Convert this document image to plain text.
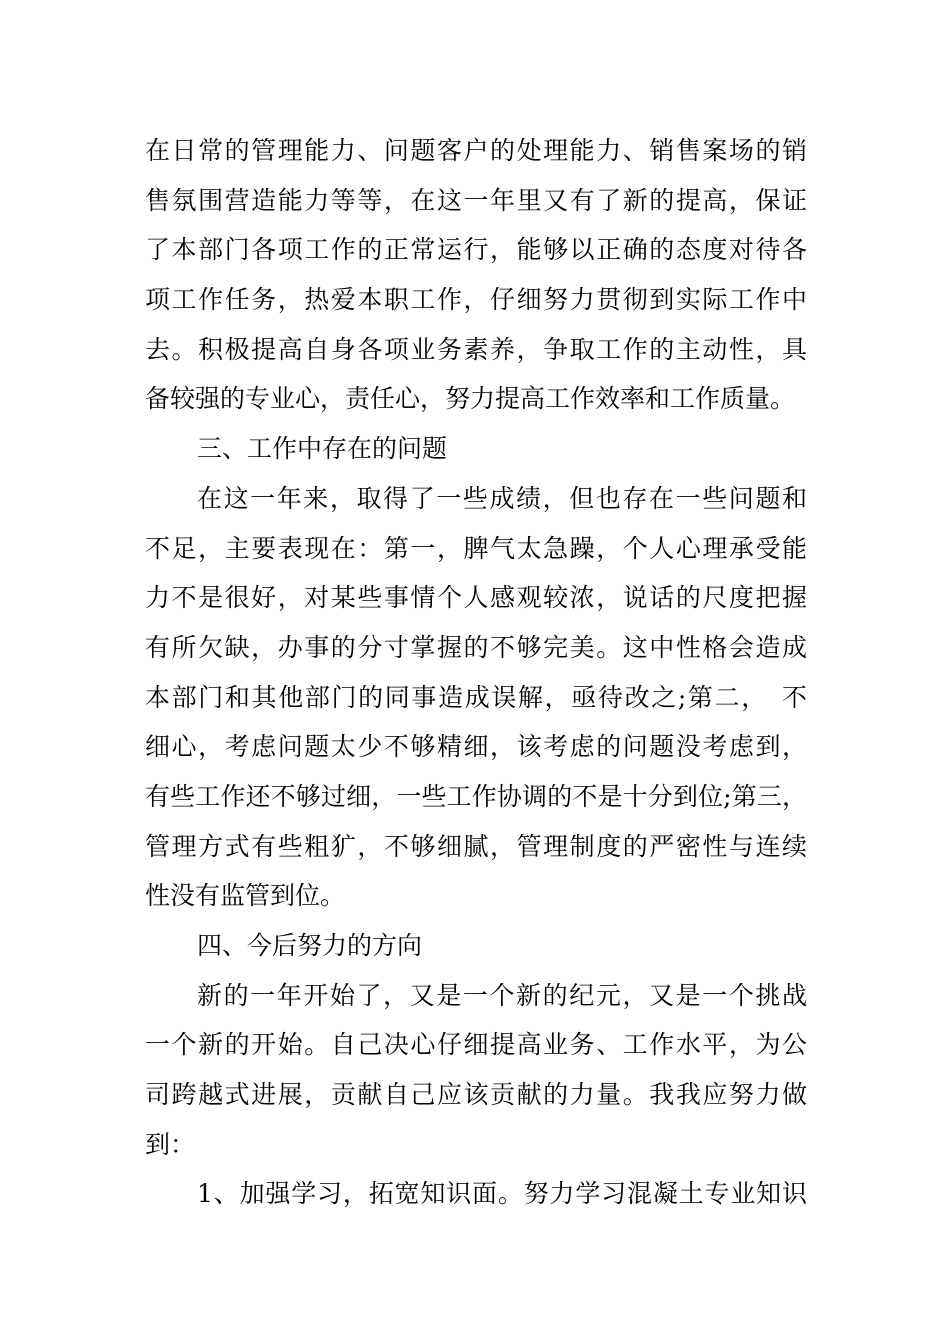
在日常的管理能力、问题客户的处理能力、销售案场的销
售氛围营造能力等等，在这一年里又有了新的提高，保证
了本部门各项工作的正常运行，能够以正确的态度对待各
项工作任务，热爱本职工作，仔细努力贯彻到实际工作中
去。积极提高自身各项业务素养，争取工作的主动性，具
备较强的专业心，责任心，努力提高工作效率和工作质量。
三、工作中存在的问题
在这一年来，取得了一些成绩，但也存在一些问题和
不足，主要表现在：第一，脾气太急躁，个人心理承受能
力不是很好，对某些事情个人感观较浓，说话的尺度把握
有所欠缺，办事的分寸掌握的不够完美。这中性格会造成
本部门和其他部门的同事造成误解，亟待改之;第二，　不
细心，考虑问题太少不够精细，该考虑的问题没考虑到，
有些工作还不够过细，一些工作协调的不是十分到位;第三，
管理方式有些粗犷，不够细腻，管理制度的严密性与连续
性没有监管到位。
四、今后努力的方向
新的一年开始了，又是一个新的纪元，又是一个挑战
一个新的开始。自己决心仔细提高业务、工作水平，为公
司跨越式进展，贡献自己应该贡献的力量。我我应努力做
到：
1、加强学习，拓宽知识面。努力学习混凝土专业知识
